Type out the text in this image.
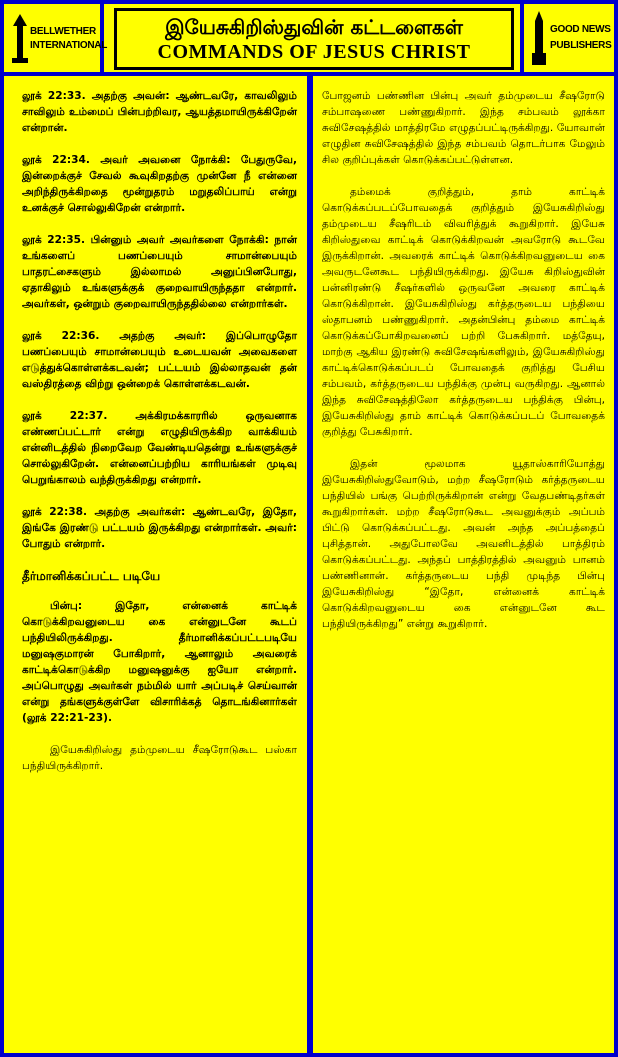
BELLWETHER
INTERNATIONAL
இயேசுகிறிஸ்துவின் கட்டளைகள்
COMMANDS OF JESUS CHRIST
GOOD NEWS
PUBLISHERS

லூக் 22:33. அதற்கு அவன்: ஆண்டவரே, காவலிலும் சாவிலும் உம்மைப் பின்பற்றிவர, ஆயத்தமாயிருக்கிறேன் என்றான்.

லூக் 22:34. அவர் அவனை நோக்கி: பேதுருவே, இன்றைக்குச் சேவல் கூவுகிறதற்கு முன்னே நீ என்னை அறிந்திருக்கிறதை மூன்றுதரம் மறுதலிப்பாய் என்று உனக்குச் சொல்லுகிறேன் என்றார்.

லூக் 22:35. பின்னும் அவர் அவர்களை நோக்கி: நான் உங்களைப் பணப்பையும் சாமான்பையும் பாதரட்சைகளும் இல்லாமல் அனுப்பினபோது, ஏதாகிலும் உங்களுக்குக் குறைவாயிருந்ததா என்றார். அவர்கள், ஒன்றும் குறைவாயிருந்ததில்லை என்றார்கள்.

லூக் 22:36. அதற்கு அவர்: இப்பொழுதோ பணப்பையும் சாமான்பையும் உடையவன் அவைகளை எடுத்துக்கொள்ளக்கடவன்; பட்டயம் இல்லாதவன் தன் வஸ்திரத்தை விற்று ஒன்றைக் கொள்ளக்கடவன்.

லூக் 22:37. அக்கிரமக்காரரில் ஒருவனாக எண்ணப்பட்டார் என்று எழுதியிருக்கிற வாக்கியம் என்னிடத்தில் நிறைவேற வேண்டியதென்று உங்களுக்குச் சொல்லுகிறேன். என்னைப்பற்றிய காரியங்கள் முடிவு பெறுங்காலம் வந்திருக்கிறது என்றார்.

லூக் 22:38. அதற்கு அவர்கள்: ஆண்டவரே, இதோ, இங்கே இரண்டு பட்டயம் இருக்கிறது என்றார்கள். அவர்: போதும் என்றார்.

தீர்மானிக்கப்பட்ட படியே

பின்பு: இதோ, என்னைக் காட்டிக் கொடுக்கிறவனுடைய கை என்னுடனே கூடப் பந்தியிலிருக்கிறது. தீர்மானிக்கப்பட்டபடியே மனுஷகுமாரன் போகிறார், ஆனாலும் அவரைக் காட்டிக்கொடுக்கிற மனுஷனுக்கு ஐயோ என்றார். அப்பொழுது அவர்கள் நம்மில் யார் அப்படிச் செய்வான் என்று தங்களுக்குள்ளே விசாரிக்கத் தொடங்கினார்கள் (லூக் 22:21-23).

இயேசுகிறிஸ்து தம்முடைய சீஷரோடுகூட பஸ்கா பந்தியிருக்கிறார்.

போஜனம் பண்ணின பின்பு அவர் தம்முடைய சீஷரோடு சம்பாஷணை பண்ணுகிறார். இந்த சம்பவம் லூக்கா சுவிசேஷத்தில் மாத்திரமே எழுதப்பட்டிருக்கிறது. யோவான் எழுதின சுவிசேஷத்தில் இந்த சம்பவம் தொடர்பாக மேலும் சில குறிப்புக்கள் கொடுக்கப்பட்டுள்ளன.

தம்மைக் குறித்தும், தாம் காட்டிக் கொடுக்கப்படப்போவதைக் குறித்தும் இயேசுகிறிஸ்து தம்முடைய சீஷரிடம் விவரித்துக் கூறுகிறார். இயேசு கிறிஸ்துவை காட்டிக் கொடுக்கிறவன் அவரோடு கூடவே இருக்கிறான். அவரைக் காட்டிக் கொடுக்கிறவனுடைய கை அவருடனேகூட பந்தியிருக்கிறது. இயேசு கிறிஸ்துவின் பன்னிரண்டு சீஷர்களில் ஒருவனே அவரை காட்டிக் கொடுக்கிறான். இயேசுகிறிஸ்து கர்த்தருடைய பந்தியை ஸ்தாபனம் பண்ணுகிறார். அதன்பின்பு தம்மை காட்டிக் கொடுக்கப்போகிறவனைப் பற்றி பேசுகிறார். மத்தேயு, மாற்கு ஆகிய இரண்டு சுவிசேஷங்களிலும், இயேசுகிறிஸ்து காட்டிக்கொடுக்கப்படப் போவதைக் குறித்து பேசிய சம்பவம், கர்த்தருடைய பந்திக்கு முன்பு வருகிறது. ஆனால் இந்த சுவிசேஷத்திலோ கர்த்தருடைய பந்திக்கு பின்பு, இயேசுகிறிஸ்து தாம் காட்டிக் கொடுக்கப்படப் போவதைக் குறித்து பேசுகிறார்.

இதன் மூலமாக யூதாஸ்காரியோத்து இயேசுகிறிஸ்துவோடும், மற்ற சீஷரோடும் கர்த்தருடைய பந்தியில் பங்கு பெற்றிருக்கிறான் என்று வேதபண்டிதர்கள் கூறுகிறார்கள். மற்ற சீஷரோடுகூட அவனுக்கும் அப்பம் பிட்டு கொடுக்கப்பட்டது. அவன் அந்த அப்பத்தைப் புசித்தான். அதுபோலவே அவனிடத்தில் பாத்திரம் கொடுக்கப்பட்டது. அந்தப் பாத்திரத்தில் அவனும் பானம் பண்ணினான். கர்த்தருடைய பந்தி முடிந்த பின்பு இயேசுகிறிஸ்து “இதோ, என்னைக் காட்டிக் கொடுக்கிறவனுடைய கை என்னுடனே கூட பந்தியிருக்கிறது” என்று கூறுகிறார்.
